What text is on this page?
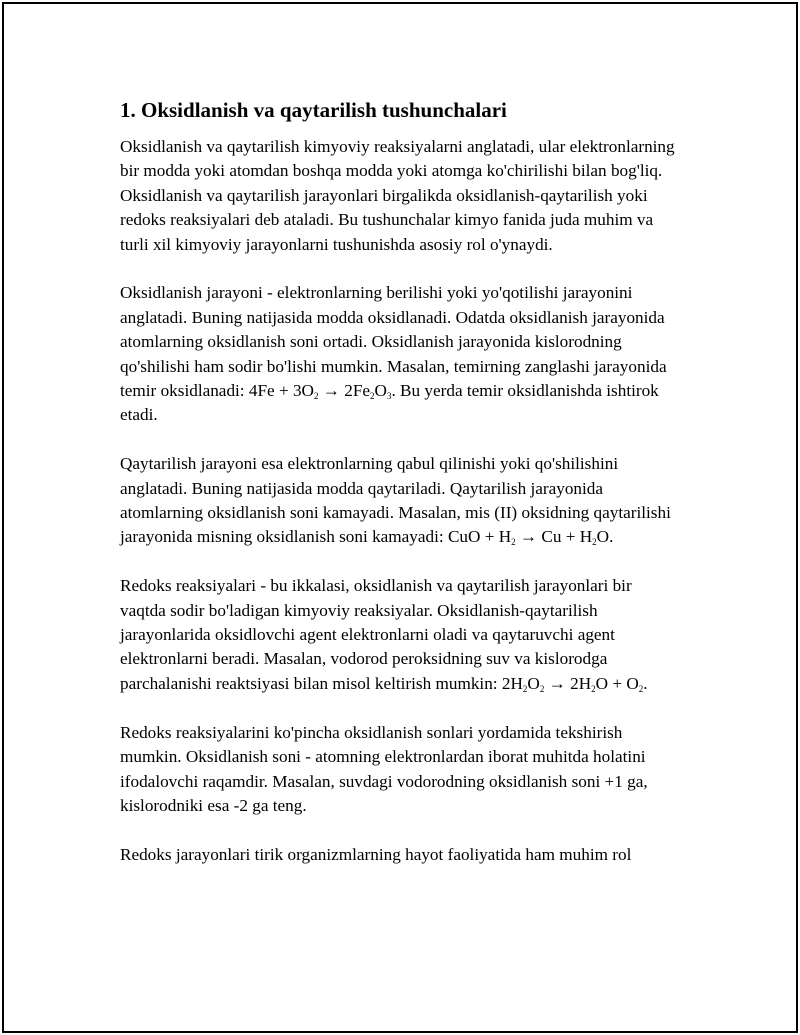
1. Oksidlanish va qaytarilish tushunchalari

Oksidlanish va qaytarilish kimyoviy reaksiyalarni anglatadi, ular elektronlarning bir modda yoki atomdan boshqa modda yoki atomga ko'chirilishi bilan bog'liq. Oksidlanish va qaytarilish jarayonlari birgalikda oksidlanish-qaytarilish yoki redoks reaksiyalari deb ataladi. Bu tushunchalar kimyo fanida juda muhim va turli xil kimyoviy jarayonlarni tushunishda asosiy rol o'ynaydi.

Oksidlanish jarayoni - elektronlarning berilishi yoki yo'qotilishi jarayonini anglatadi. Buning natijasida modda oksidlanadi. Odatda oksidlanish jarayonida atomlarning oksidlanish soni ortadi. Oksidlanish jarayonida kislorodning qo'shilishi ham sodir bo'lishi mumkin. Masalan, temirning zanglashi jarayonida temir oksidlanadi: $4Fe + 3O_2 \to 2Fe_2O_3$. Bu yerda temir oksidlanishda ishtirok etadi.

Qaytarilish jarayoni esa elektronlarning qabul qilinishi yoki qo'shilishini anglatadi. Buning natijasida modda qaytariladi. Qaytarilish jarayonida atomlarning oksidlanish soni kamayadi. Masalan, mis (II) oksidning qaytarilishi jarayonida misning oksidlanish soni kamayadi: CuO + $H_2 \to Cu + H_2O$.

Redoks reaksiyalari - bu ikkalasi, oksidlanish va qaytarilish jarayonlari bir vaqtda sodir bo'ladigan kimyoviy reaksiyalar. Oksidlanish-qaytarilish jarayonlarida oksidlovchi agent elektronlarni oladi va qaytaruvchi agent elektronlarni beradi. Masalan, vodorod peroksidning suv va kislorodga parchalanishi reaktsiyasi bilan misol keltirish mumkin: $2H_2O_2 \to 2H_2O + O_2$.

Redoks reaksiyalarini ko'pincha oksidlanish sonlari yordamida tekshirish mumkin. Oksidlanish soni - atomning elektronlardan iborat muhitda holatini ifodalovchi raqamdir. Masalan, suvdagi vodorodning oksidlanish soni +1 ga, kislorodniki esa -2 ga teng.

Redoks jarayonlari tirik organizmlarning hayot faoliyatida ham muhim rol
